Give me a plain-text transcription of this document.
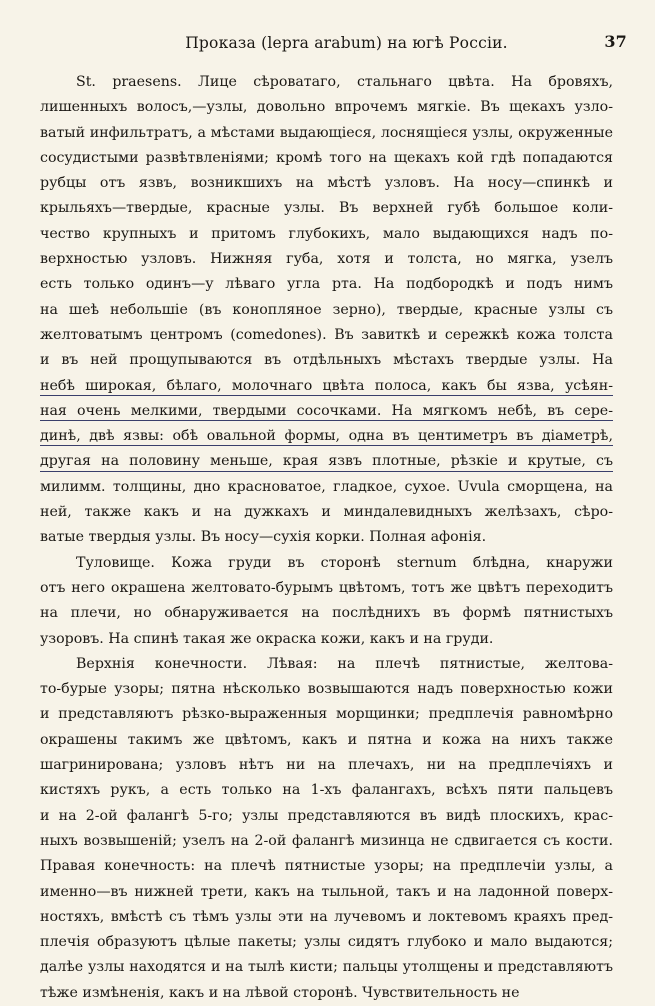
Проказа (lepra arabum) на югѣ Россіи.	37
St. praesens. Лице сѣроватаго, стальнаго цвѣта. На бровяхъ,
лишенныхъ волосъ,—узлы, довольно впрочемъ мягкіе. Въ щекахъ узло-
ватый инфильтратъ, а мѣстами выдающіеся, лоснящіеся узлы, окруженные
сосудистыми развѣтвленіями; кромѣ того на щекахъ кой гдѣ попадаются
рубцы отъ язвъ, возникшихъ на мѣстѣ узловъ. На носу—спинкѣ и
крыльяхъ—твердые, красные узлы. Въ верхней губѣ большое коли-
чество крупныхъ и притомъ глубокихъ, мало выдающихся надъ по-
верхностью узловъ. Нижняя губа, хотя и толста, но мягка, узелъ
есть только одинъ—у лѣваго угла рта. На подбородкѣ и подъ нимъ
на шеѣ небольшіе (въ конопляное зерно), твердые, красные узлы съ
желтоватымъ центромъ (comedones). Въ завиткѣ и сережкѣ кожа толста
и въ ней прощупываются въ отдѣльныхъ мѣстахъ твердые узлы. На
небѣ широкая, бѣлаго, молочнаго цвѣта полоса, какъ бы язва, усѣян-
ная очень мелкими, твердыми сосочками. На мягкомъ небѣ, въ сере-
динѣ, двѣ язвы: обѣ овальной формы, одна въ центиметръ въ діаметрѣ,
другая на половину меньше, края язвъ плотные, рѣзкіе и крутые, съ
милимм. толщины, дно красноватое, гладкое, сухое. Uvula сморщена, на
ней, также какъ и на дужкахъ и миндалевидныхъ желѣзахъ, сѣро-
ватые твердыя узлы. Въ носу—сухія корки. Полная афонія.
Туловище. Кожа груди въ сторонѣ sternum блѣдна, кнаружи
отъ него окрашена желтовато-бурымъ цвѣтомъ, тотъ же цвѣтъ переходитъ
на плечи, но обнаруживается на послѣднихъ въ формѣ пятнистыхъ
узоровъ. На спинѣ такая же окраска кожи, какъ и на груди.
Верхнія конечности. Лѣвая: на плечѣ пятнистые, желтова-
то-бурые узоры; пятна нѣсколько возвышаются надъ поверхностью кожи
и представляютъ рѣзко-выраженныя морщинки; предплечія равномѣрно
окрашены такимъ же цвѣтомъ, какъ и пятна и кожа на нихъ также
шагринирована; узловъ нѣтъ ни на плечахъ, ни на предплечіяхъ и
кистяхъ рукъ, а есть только на 1-хъ фалангахъ, всѣхъ пяти пальцевъ
и на 2-ой фалангѣ 5-го; узлы представляются въ видѣ плоскихъ, крас-
ныхъ возвышеній; узелъ на 2-ой фалангѣ мизинца не сдвигается съ кости.
Правая конечность: на плечѣ пятнистые узоры; на предплечіи узлы, а
именно—въ нижней трети, какъ на тыльной, такъ и на ладонной поверх-
ностяхъ, вмѣстѣ съ тѣмъ узлы эти на лучевомъ и локтевомъ краяхъ пред-
плечія образуютъ цѣлые пакеты; узлы сидятъ глубоко и мало выдаются;
далѣе узлы находятся и на тылѣ кисти; пальцы утолщены и представляютъ
тѣже измѣненія, какъ и на лѣвой сторонѣ. Чувствительность не
